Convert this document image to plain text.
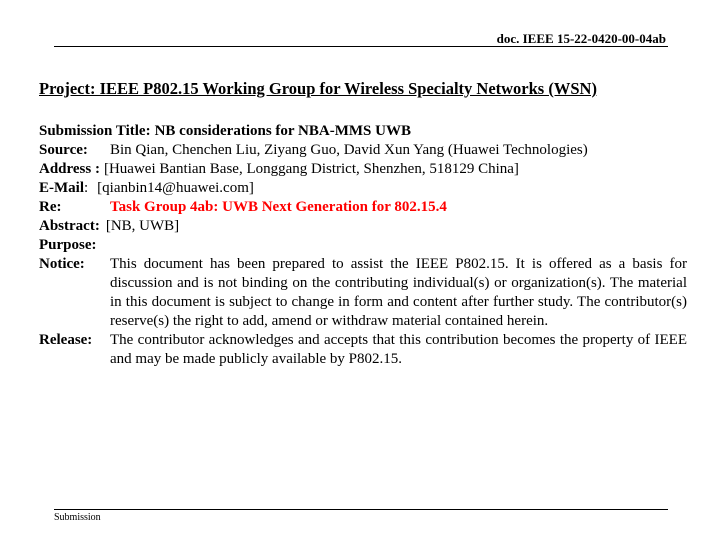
doc. IEEE 15-22-0420-00-04ab
Project: IEEE P802.15 Working Group for Wireless Specialty Networks (WSN)
Submission Title: NB considerations for NBA-MMS UWB
Source:	Bin Qian, Chenchen Liu, Ziyang Guo, David Xun Yang (Huawei Technologies)
Address : [Huawei Bantian Base, Longgang District, Shenzhen, 518129 China]
E-Mail : [qianbin14@huawei.com]
Re:	Task Group 4ab: UWB Next Generation for 802.15.4
Abstract: [NB, UWB]
Purpose:
Notice:	This document has been prepared to assist the IEEE P802.15. It is offered as a basis for discussion and is not binding on the contributing individual(s) or organization(s). The material in this document is subject to change in form and content after further study. The contributor(s) reserve(s) the right to add, amend or withdraw material contained herein.
Release:	The contributor acknowledges and accepts that this contribution becomes the property of IEEE and may be made publicly available by P802.15.
Submission
